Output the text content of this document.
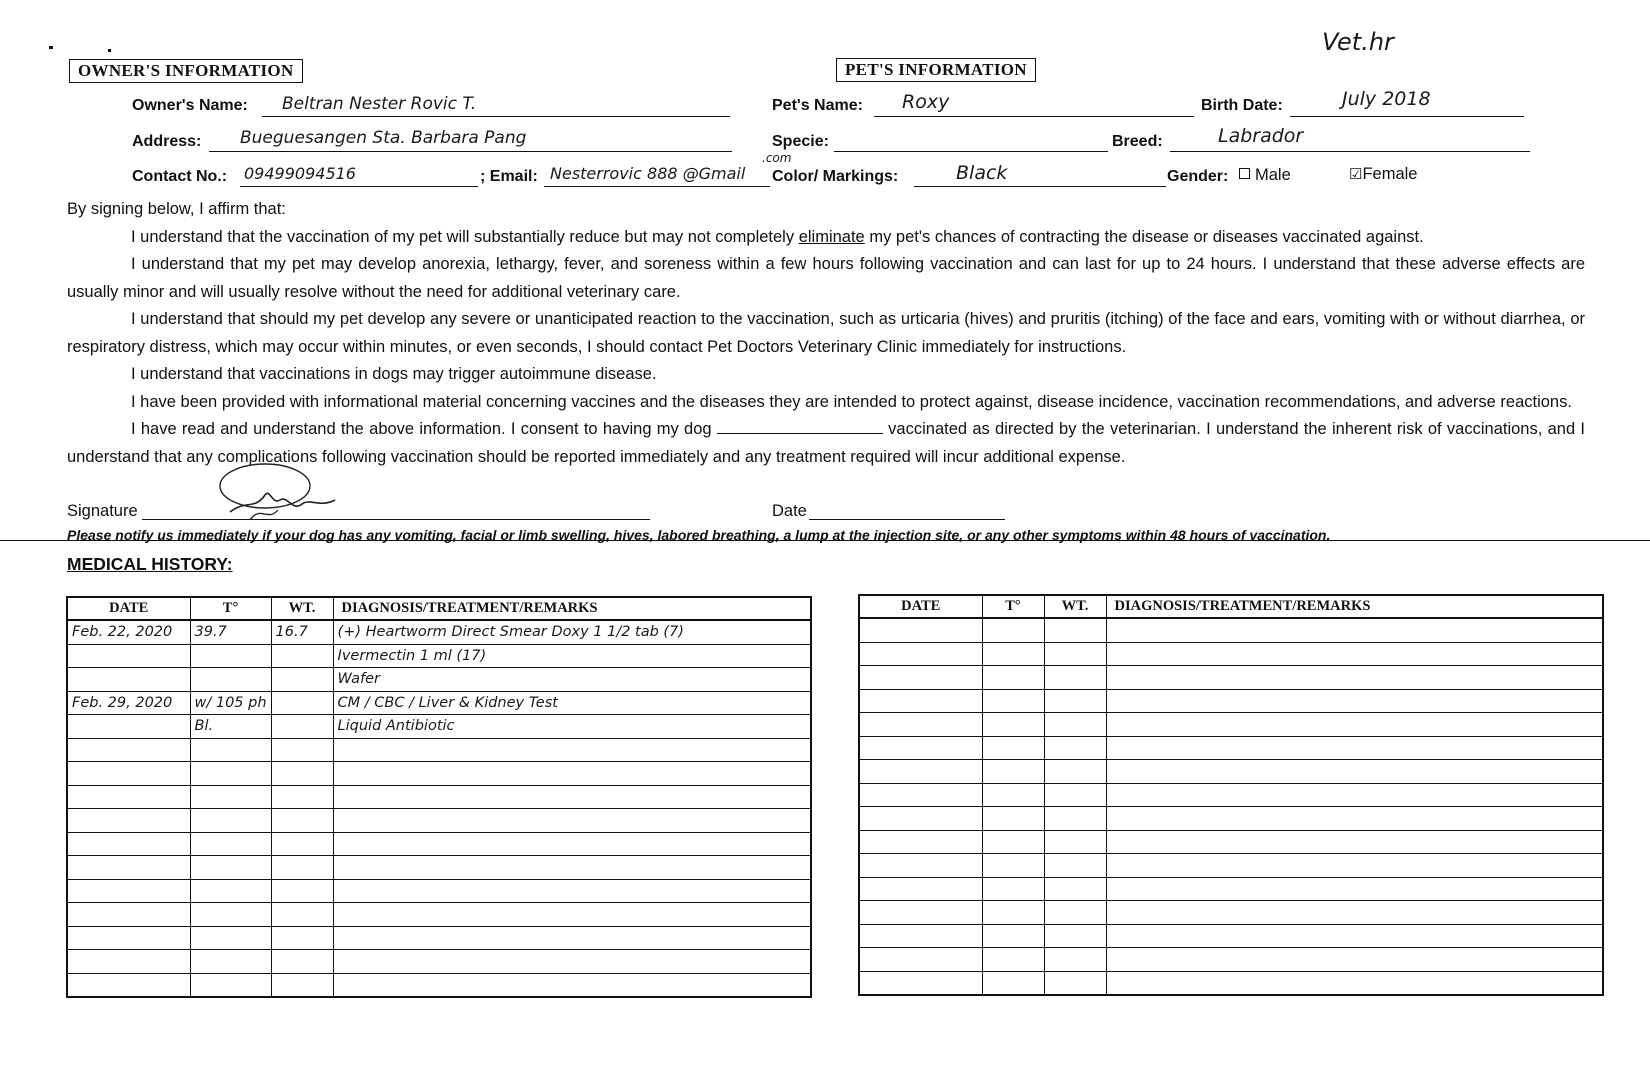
Vet.hr
OWNER'S INFORMATION	PET'S INFORMATION
Owner's Name: Beltran Nester Rovic T.	Pet's Name: Roxy	Birth Date:	July 2018
Address: Bueguesangen Sta. Barbara Pang	Specie:	Breed:	Labrador
Contact No.: 09499094516	; Email: Nesterrovic 888 @Gmail
.com
Color/ Markings:	Black	Gender:	Male	☑Female

By signing below, I affirm that:

I understand that the vaccination of my pet will substantially reduce but may not completely eliminate my pet's chances of contracting the disease or diseases vaccinated against.

I understand that my pet may develop anorexia, lethargy, fever, and soreness within a few hours following vaccination and can last for up to 24 hours. I understand that these adverse effects are usually minor and will usually resolve without the need for additional veterinary care.

I understand that should my pet develop any severe or unanticipated reaction to the vaccination, such as urticaria (hives) and pruritis (itching) of the face and ears, vomiting with or without diarrhea, or respiratory distress, which may occur within minutes, or even seconds, I should contact Pet Doctors Veterinary Clinic immediately for instructions.

I understand that vaccinations in dogs may trigger autoimmune disease.

I have been provided with informational material concerning vaccines and the diseases they are intended to protect against, disease incidence, vaccination recommendations, and adverse reactions.

I have read and understand the above information. I consent to having my dog	vaccinated as directed by the veterinarian. I understand the inherent risk of vaccinations, and I understand that any complications following vaccination should be reported immediately and any treatment required will incur additional expense.

Signature	Date
Please notify us immediately if your dog has any vomiting, facial or limb swelling, hives, labored breathing, a lump at the injection site, or any other symptoms within 48 hours of vaccination.
MEDICAL HISTORY:
DATE	T°	WT.	DIAGNOSIS/TREATMENT/REMARKS
Feb. 22, 2020	39.7	16.7	(+) Heartworm Direct Smear Doxy 1 1/2 tab (7)
			Ivermectin 1 ml (17)
			Wafer
Feb. 29, 2020	w/ 105 ph		CM / CBC / Liver & Kidney Test
	Bl.		Liquid Antibiotic

DATE	T°	WT.	DIAGNOSIS/TREATMENT/REMARKS
